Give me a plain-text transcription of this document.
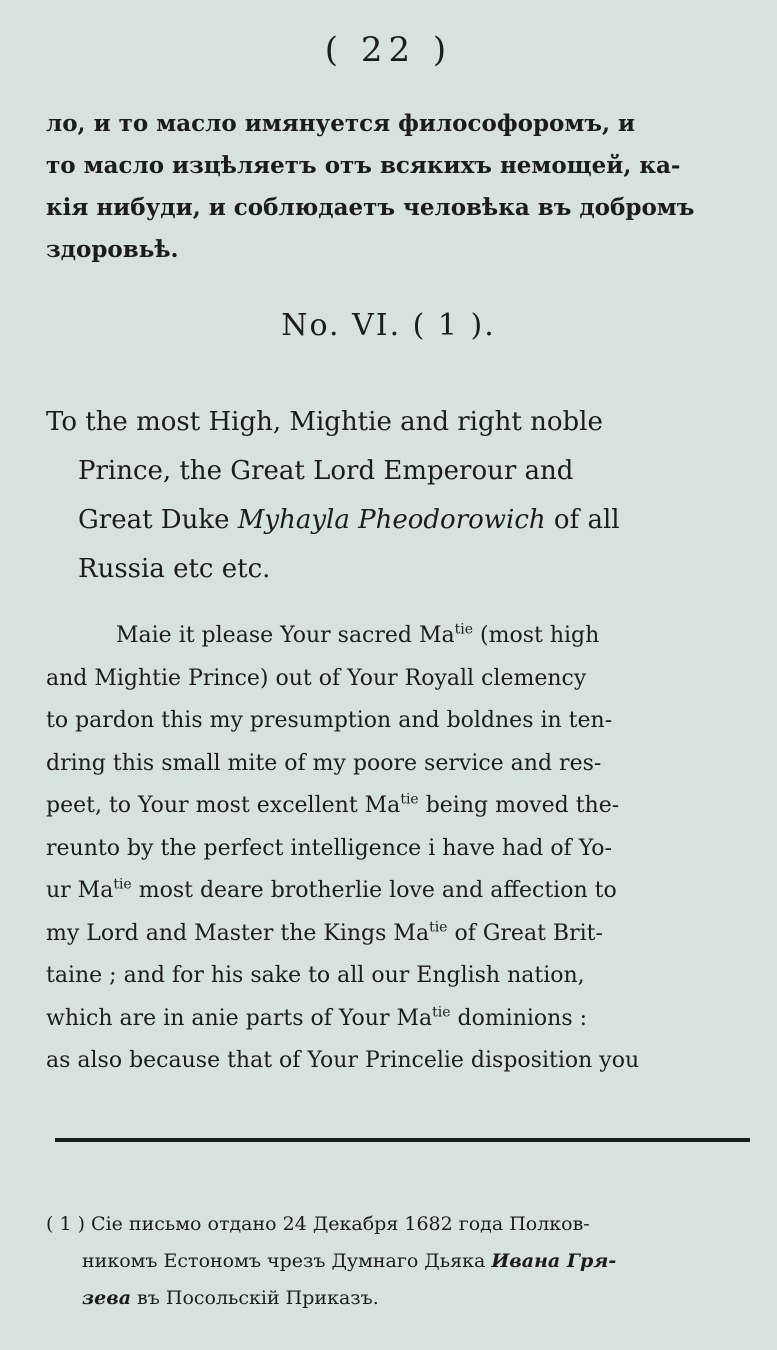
( 22 )
ло, и то масло имянуется философоромъ, и
то масло изцѣляетъ отъ всякихъ немощей, ка-
кія нибуди, и соблюдаетъ человѣка въ добромъ
здоровьѣ.
No. VI. ( 1 ).
To the most High, Mightie and right noble
Prince, the Great Lord Emperour and
Great Duke Myhayla Pheodorowich of all
Russia etc etc.
Maie it please Your sacred $Ma^{tie}$ (most high
and Mightie Prince) out of Your Royall clemency
to pardon this my presumption and boldnes in ten-
dring this small mite of my poore service and res-
peet, to Your most excellent $Ma^{tie}$ being moved the-
reunto by the perfect intelligence i have had of Yo-
ur $Ma^{tie}$ most deare brotherlie love and affection to
my Lord and Master the Kings $Ma^{tie}$ of Great Brit-
taine ; and for his sake to all our English nation,
which are in anie parts of Your $Ma^{tie}$ dominions :
as also because that of Your Princelie disposition you
( 1 ) Сіе письмо отдано 24 Декабря 1682 года Полков-
никомъ Естономъ чрезъ Думнаго Дьяка Ивана Гря-
зева въ Посольскій Приказъ.
